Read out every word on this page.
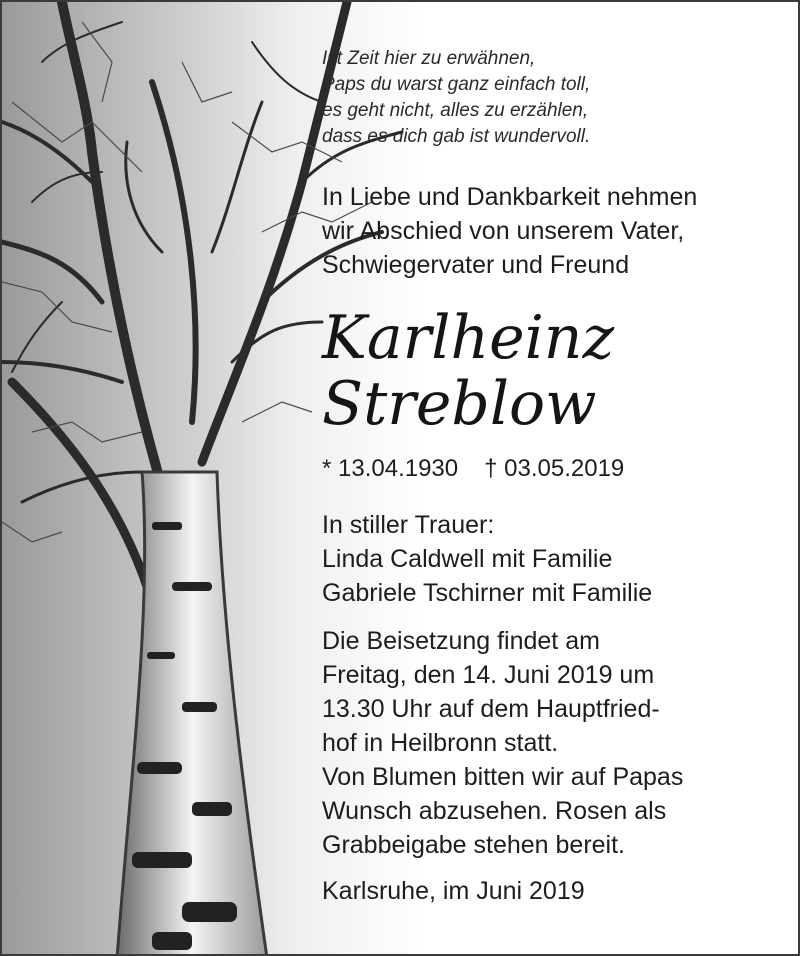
Ist Zeit hier zu erwähnen,
Paps du warst ganz einfach toll,
es geht nicht, alles zu erzählen,
dass es dich gab ist wundervoll.
In Liebe und Dankbarkeit nehmen
wir Abschied von unserem Vater,
Schwiegervater und Freund
Karlheinz
Streblow
* 13.04.1930 † 03.05.2019
In stiller Trauer:
Linda Caldwell mit Familie
Gabriele Tschirner mit Familie
Die Beisetzung findet am
Freitag, den 14. Juni 2019 um
13.30 Uhr auf dem Hauptfried-
hof in Heilbronn statt.
Von Blumen bitten wir auf Papas
Wunsch abzusehen. Rosen als
Grabbeigabe stehen bereit.
Karlsruhe, im Juni 2019
